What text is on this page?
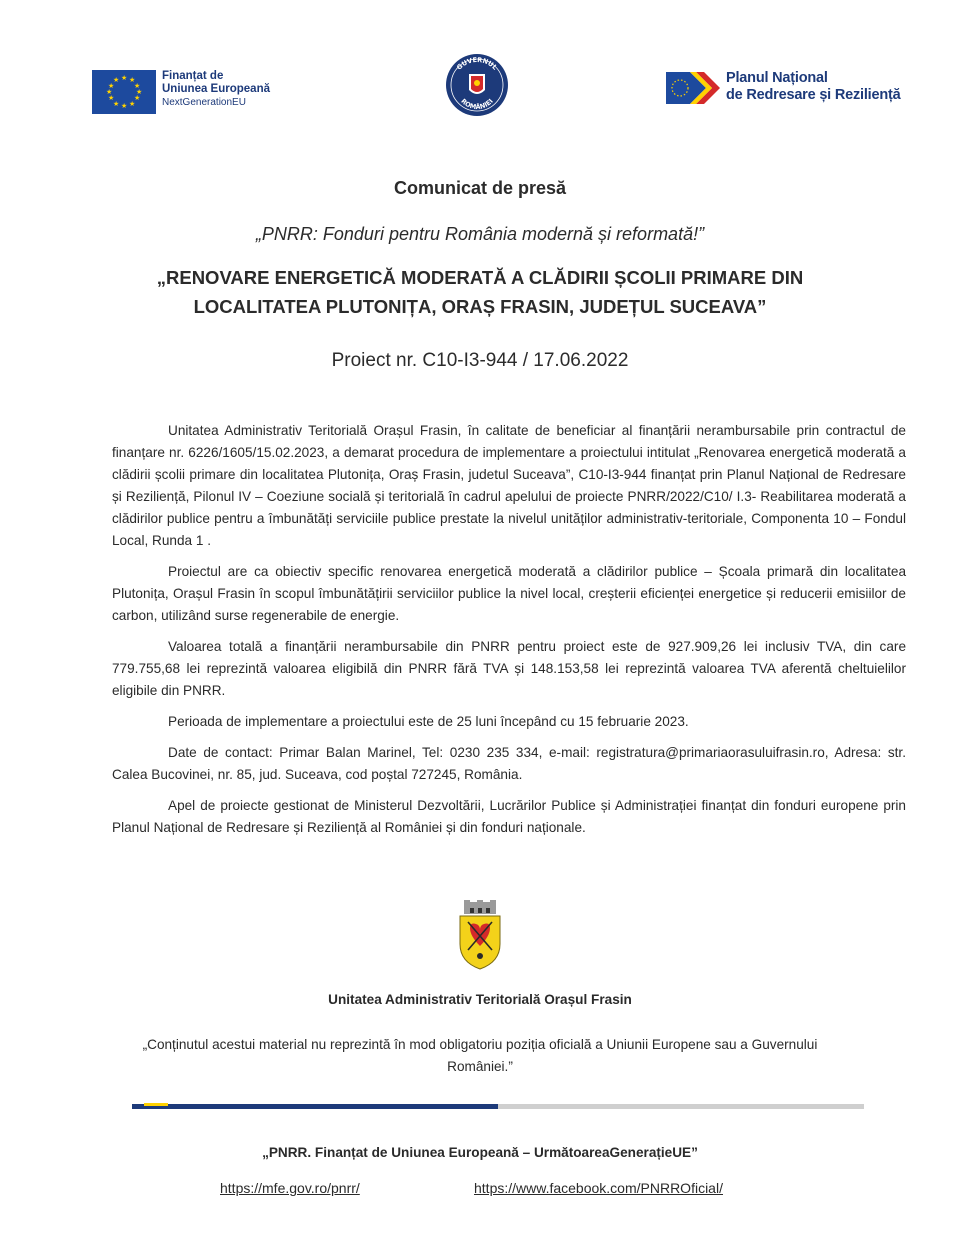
★ ★
★
★
★
★
★
★
★
★
★
★	Finanțat de
Uniunea Europeană
NextGenerationEU
GUVERNUL
ROMÂNIEI
Planul Național
de Redresare și Reziliență
Comunicat de presă
„PNRR: Fonduri pentru România modernă și reformată!”
„RENOVARE ENERGETICĂ MODERATĂ A CLĂDIRII ȘCOLII PRIMARE DIN LOCALITATEA PLUTONIȚA, ORAȘ FRASIN, JUDEȚUL SUCEAVA”
Proiect nr. C10-I3-944 / 17.06.2022

Unitatea Administrativ Teritorială Orașul Frasin, în calitate de beneficiar al finanțării nerambursabile prin contractul de finanțare nr. 6226/1605/15.02.2023, a demarat procedura de implementare a proiectului intitulat „Renovarea energetică moderată a clădirii școlii primare din localitatea Plutonița, Oraș Frasin, judetul Suceava”, C10-I3-944 finanțat prin Planul Național de Redresare și Reziliență, Pilonul IV – Coeziune socială și teritorială în cadrul apelului de proiecte PNRR/2022/C10/ I.3- Reabilitarea moderată a clădirilor publice pentru a îmbunătăți serviciile publice prestate la nivelul unităților administrativ-teritoriale, Componenta 10 – Fondul Local, Runda 1 .

Proiectul are ca obiectiv specific renovarea energetică moderată a clădirilor publice – Școala primară din localitatea Plutonița, Orașul Frasin în scopul îmbunătățirii serviciilor publice la nivel local, creșterii eficienței energetice și reducerii emisiilor de carbon, utilizând surse regenerabile de energie.

Valoarea totală a finanțării nerambursabile din PNRR pentru proiect este de 927.909,26 lei inclusiv TVA, din care 779.755,68 lei reprezintă valoarea eligibilă din PNRR fără TVA și 148.153,58 lei reprezintă valoarea TVA aferentă cheltuielilor eligibile din PNRR.

Perioada de implementare a proiectului este de 25 luni începând cu 15 februarie 2023.

Date de contact: Primar Balan Marinel, Tel: 0230 235 334, e-mail: registratura@primariaorasuluifrasin.ro, Adresa: str. Calea Bucovinei, nr. 85, jud. Suceava, cod poștal 727245, România.

Apel de proiecte gestionat de Ministerul Dezvoltării, Lucrărilor Publice și Administrației finanțat din fonduri europene prin Planul Național de Redresare și Reziliență al României și din fonduri naționale.

Unitatea Administrativ Teritorială Orașul Frasin
„Conținutul acestui material nu reprezintă în mod obligatoriu poziția oficială a Uniunii Europene sau a Guvernului României.”
„PNRR. Finanțat de Uniunea Europeană – UrmătoareaGenerațieUE”
https://mfe.gov.ro/pnrr/	https://www.facebook.com/PNRROficial/
